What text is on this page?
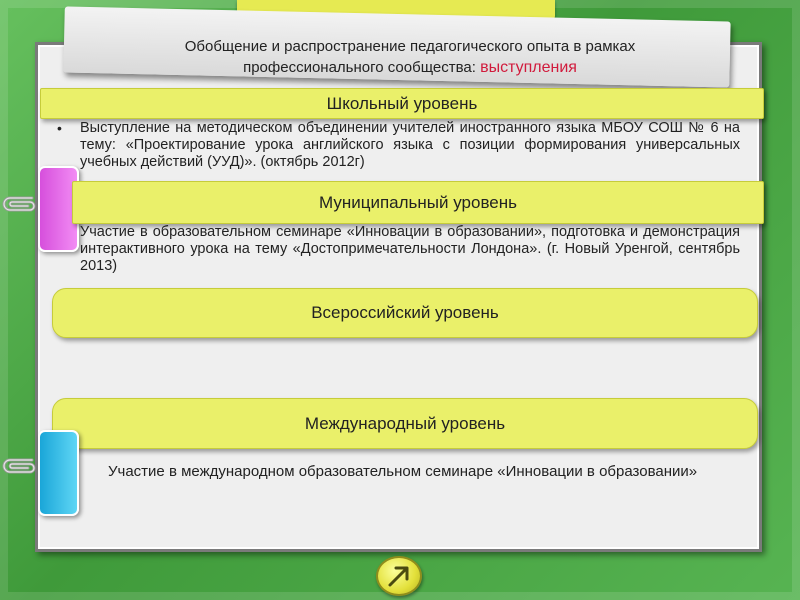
Обобщение и распространение педагогического опыта в рамках
профессионального сообщества: выступления
Школьный уровень
• Выступление на методическом объединении учителей иностранного языка МБОУ СОШ № 6 на тему: «Проектирование урока английского языка с позиции формирования универсальных учебных действий (УУД)». (октябрь 2012г)
Муниципальный уровень
Участие в образовательном семинаре «Инновации в образовании», подготовка и демонстрация интерактивного урока на тему «Достопримечательности Лондона». (г. Новый Уренгой, сентябрь 2013)
Всероссийский уровень
Международный уровень
Участие в международном образовательном семинаре «Инновации в образовании»
